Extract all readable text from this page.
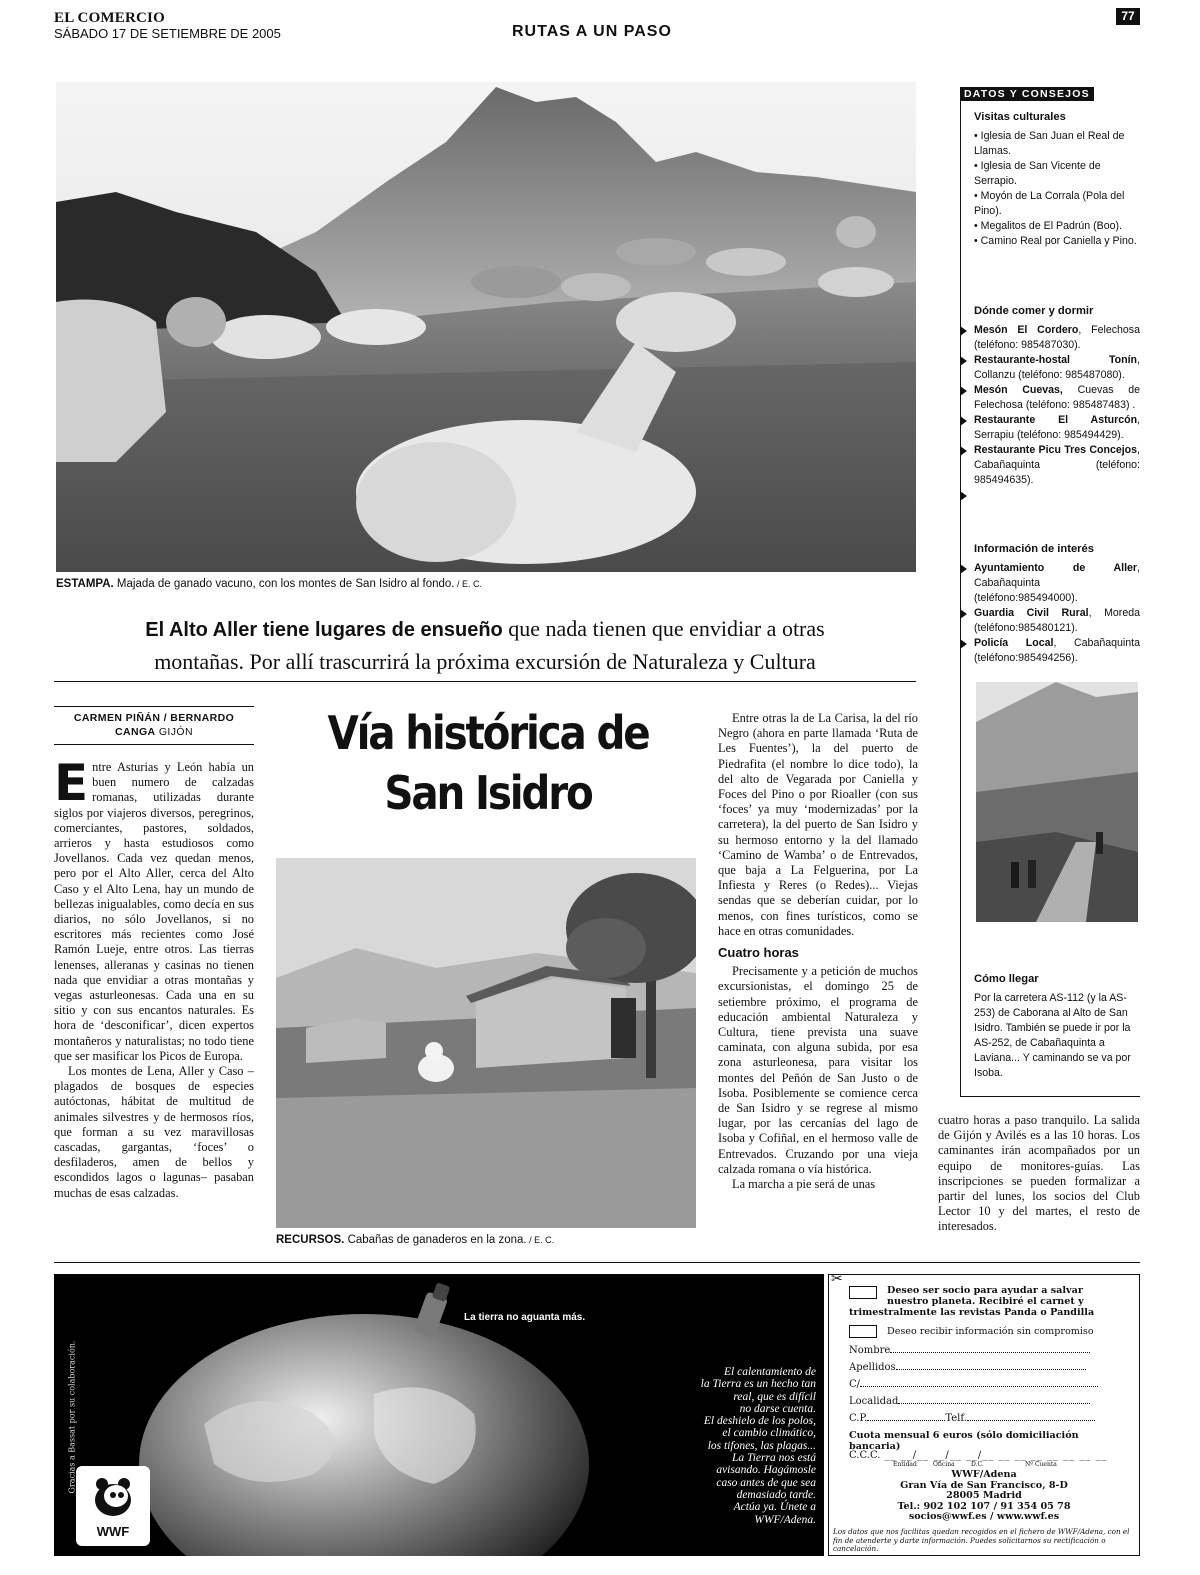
EL COMERCIO
SÁBADO 17 DE SETIEMBRE DE 2005	RUTAS A UN PASO
77
ESTAMPA. Majada de ganado vacuno, con los montes de San Isidro al fondo. / E. C.
El Alto Aller tiene lugares de ensueño que nada tienen que envidiar a otras
montañas. Por allí trascurrirá la próxima excursión de Naturaleza y Cultura
CARMEN PIÑÁN / BERNARDO CANGA GIJÓN	Vía histórica de
San Isidro

Entre Asturias y León había un buen numero de calzadas romanas, utilizadas durante siglos por viajeros diversos, peregrinos, comerciantes, pastores, soldados, arrieros y hasta estudiosos como Jovellanos. Cada vez quedan menos, pero por el Alto Aller, cerca del Alto Caso y el Alto Lena, hay un mundo de bellezas inigualables, como decía en sus diarios, no sólo Jovellanos, si no escritores más recientes como José Ramón Lueje, entre otros. Las tierras lenenses, alleranas y casinas no tienen nada que envidiar a otras montañas y vegas asturleonesas. Cada una en su sitio y con sus encantos naturales. Es hora de ‘desconificar’, dicen expertos montañeros y naturalistas; no todo tiene que ser masificar los Picos de Europa.

Los montes de Lena, Aller y Caso –plagados de bosques de especies autóctonas, hábitat de multitud de animales silvestres y de hermosos ríos, que forman a su vez maravillosas cascadas, gargantas, ‘foces’ o desfiladeros, amen de bellos y escondidos lagos o lagunas– pasaban muchas de esas calzadas.

RECURSOS. Cabañas de ganaderos en la zona. / E. C.

Entre otras la de La Carisa, la del río Negro (ahora en parte llamada ‘Ruta de Les Fuentes’), la del puerto de Piedrafita (el nombre lo dice todo), la del alto de Vegarada por Caniella y Foces del Pino o por Rioaller (con sus ‘foces’ ya muy ‘modernizadas’ por la carretera), la del puerto de San Isidro y su hermoso entorno y la del llamado ‘Camino de Wamba’ o de Entrevados, que baja a La Felguerina, por La Infiesta y Reres (o Redes)... Viejas sendas que se deberían cuidar, por lo menos, con fines turísticos, como se hace en otras comunidades.

Cuatro horas

Precisamente y a petición de muchos excursionistas, el domingo 25 de setiembre próximo, el programa de educación ambiental Naturaleza y Cultura, tiene prevista una suave caminata, con alguna subida, por esa zona asturleonesa, para visitar los montes del Peñón de San Justo o de Isoba. Posiblemente se comience cerca de San Isidro y se regrese al mismo lugar, por las cercanías del lago de Isoba y Cofiñal, en el hermoso valle de Entrevados. Cruzando por una vieja calzada romana o vía histórica.

La marcha a pie será de unas

cuatro horas a paso tranquilo. La salida de Gijón y Avilés es a las 10 horas. Los caminantes irán acompañados por un equipo de monitores-guías. Las inscripciones se pueden formalizar a partir del lunes, los socios del Club Lector 10 y del martes, el resto de interesados.

DATOS Y CONSEJOS
Visitas culturales
• Iglesia de San Juan el Real de Llamas.
• Iglesia de San Vicente de Serrapio.
• Moyón de La Corrala (Pola del Pino).
• Megalitos de El Padrún (Boo).
• Camino Real por Caniella y Pino.
Dónde comer y dormir
Mesón El Cordero, Felechosa (teléfono: 985487030).
Restaurante-hostal Tonín, Collanzu (teléfono: 985487080).
Mesón Cuevas, Cuevas de Felechosa (teléfono: 985487483) .
Restaurante El Asturcón, Serrapiu (teléfono: 985494429).
Restaurante Picu Tres Concejos, Cabañaquinta (teléfono: 985494635).
Información de interés
Ayuntamiento de Aller, Cabañaquinta (teléfono:985494000).
Guardia Civil Rural, Moreda (teléfono:985480121).
Policía Local, Cabañaquinta (teléfono:985494256).
Cómo llegar
Por la carretera AS-112 (y la AS-253) de Caborana al Alto de San Isidro. También se puede ir por la AS-252, de Cabañaquinta a Laviana... Y caminando se va por Isoba.
Gracias a Bassat por su colaboración.
La tierra no aguanta más.
El calentamiento de
la Tierra es un hecho tan
real, que es difícil
no darse cuenta.
El deshielo de los polos,
el cambio climático,
los tifones, las plagas...
La Tierra nos está
avisando. Hagámosle
caso antes de que sea
demasiado tarde.
Actúa ya. Únete a
WWF/Adena.
WWF
✂
Deseo ser socio para ayudar a salvar nuestro planeta. Recibiré el carnet y trimestralmente las revistas Panda o Pandilla
Deseo recibir información sin compromiso
Nombre
Apellidos
C/
Localidad
C.P.	Telf.
Cuota mensual 6 euros (sólo domiciliación bancaria)
C.C.C. __ __/__ __/__ __/__ __ __ __ __ __ __ __
Entidad	Oficina	D.C.	Nº Cuenta
WWF/Adena
Gran Vía de San Francisco, 8-D
28005 Madrid
Tel.: 902 102 107 / 91 354 05 78
socios@wwf.es / www.wwf.es
Los datos que nos facilitas quedan recogidos en el fichero de WWF/Adena, con el fin de atenderte y darte información. Puedes solicitarnos su rectificación o cancelación.
